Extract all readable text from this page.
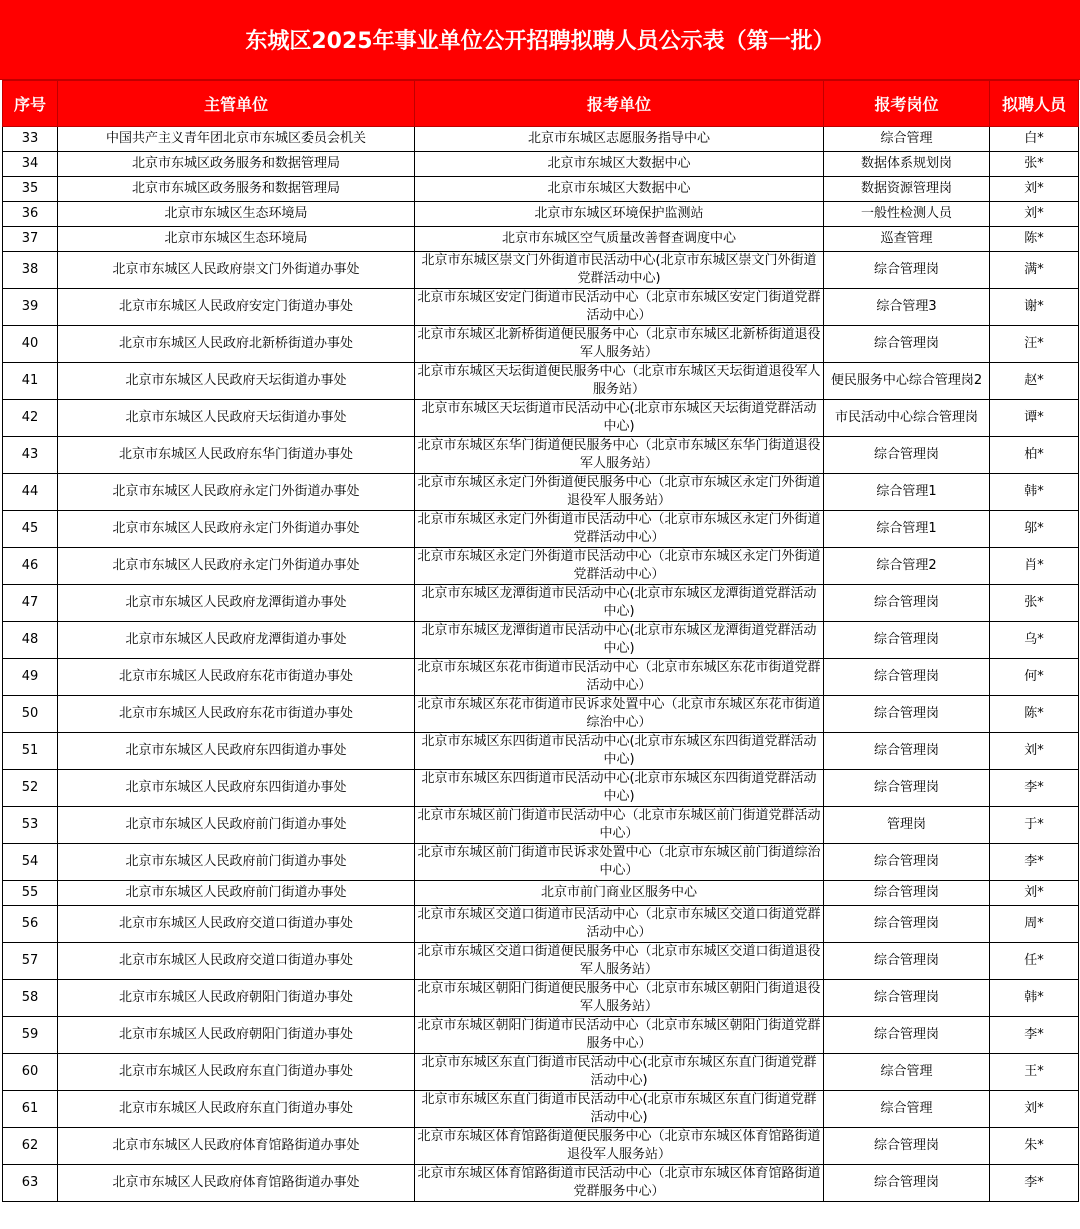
东城区2025年事业单位公开招聘拟聘人员公示表（第一批）
序号	主管单位	报考单位	报考岗位	拟聘人员
33	中国共产主义青年团北京市东城区委员会机关	北京市东城区志愿服务指导中心	综合管理	白*
34	北京市东城区政务服务和数据管理局	北京市东城区大数据中心	数据体系规划岗	张*
35	北京市东城区政务服务和数据管理局	北京市东城区大数据中心	数据资源管理岗	刘*
36	北京市东城区生态环境局	北京市东城区环境保护监测站	一般性检测人员	刘*
37	北京市东城区生态环境局	北京市东城区空气质量改善督查调度中心	巡查管理	陈*
38	北京市东城区人民政府崇文门外街道办事处	北京市东城区崇文门外街道市民活动中心(北京市东城区崇文门外街道党群活动中心)	综合管理岗	满*
39	北京市东城区人民政府安定门街道办事处	北京市东城区安定门街道市民活动中心（北京市东城区安定门街道党群活动中心）	综合管理3	谢*
40	北京市东城区人民政府北新桥街道办事处	北京市东城区北新桥街道便民服务中心（北京市东城区北新桥街道退役军人服务站）	综合管理岗	汪*
41	北京市东城区人民政府天坛街道办事处	北京市东城区天坛街道便民服务中心（北京市东城区天坛街道退役军人服务站）	便民服务中心综合管理岗2	赵*
42	北京市东城区人民政府天坛街道办事处	北京市东城区天坛街道市民活动中心(北京市东城区天坛街道党群活动中心)	市民活动中心综合管理岗	谭*
43	北京市东城区人民政府东华门街道办事处	北京市东城区东华门街道便民服务中心（北京市东城区东华门街道退役军人服务站）	综合管理岗	柏*
44	北京市东城区人民政府永定门外街道办事处	北京市东城区永定门外街道便民服务中心（北京市东城区永定门外街道退役军人服务站）	综合管理1	韩*
45	北京市东城区人民政府永定门外街道办事处	北京市东城区永定门外街道市民活动中心（北京市东城区永定门外街道党群活动中心）	综合管理1	邬*
46	北京市东城区人民政府永定门外街道办事处	北京市东城区永定门外街道市民活动中心（北京市东城区永定门外街道党群活动中心）	综合管理2	肖*
47	北京市东城区人民政府龙潭街道办事处	北京市东城区龙潭街道市民活动中心(北京市东城区龙潭街道党群活动中心)	综合管理岗	张*
48	北京市东城区人民政府龙潭街道办事处	北京市东城区龙潭街道市民活动中心(北京市东城区龙潭街道党群活动中心)	综合管理岗	乌*
49	北京市东城区人民政府东花市街道办事处	北京市东城区东花市街道市民活动中心（北京市东城区东花市街道党群活动中心）	综合管理岗	何*
50	北京市东城区人民政府东花市街道办事处	北京市东城区东花市街道市民诉求处置中心（北京市东城区东花市街道综治中心）	综合管理岗	陈*
51	北京市东城区人民政府东四街道办事处	北京市东城区东四街道市民活动中心(北京市东城区东四街道党群活动中心)	综合管理岗	刘*
52	北京市东城区人民政府东四街道办事处	北京市东城区东四街道市民活动中心(北京市东城区东四街道党群活动中心)	综合管理岗	李*
53	北京市东城区人民政府前门街道办事处	北京市东城区前门街道市民活动中心（北京市东城区前门街道党群活动中心）	管理岗	于*
54	北京市东城区人民政府前门街道办事处	北京市东城区前门街道市民诉求处置中心（北京市东城区前门街道综治中心）	综合管理岗	李*
55	北京市东城区人民政府前门街道办事处	北京市前门商业区服务中心	综合管理岗	刘*
56	北京市东城区人民政府交道口街道办事处	北京市东城区交道口街道市民活动中心（北京市东城区交道口街道党群活动中心）	综合管理岗	周*
57	北京市东城区人民政府交道口街道办事处	北京市东城区交道口街道便民服务中心（北京市东城区交道口街道退役军人服务站）	综合管理岗	任*
58	北京市东城区人民政府朝阳门街道办事处	北京市东城区朝阳门街道便民服务中心（北京市东城区朝阳门街道退役军人服务站）	综合管理岗	韩*
59	北京市东城区人民政府朝阳门街道办事处	北京市东城区朝阳门街道市民活动中心（北京市东城区朝阳门街道党群服务中心）	综合管理岗	李*
60	北京市东城区人民政府东直门街道办事处	北京市东城区东直门街道市民活动中心(北京市东城区东直门街道党群活动中心)	综合管理	王*
61	北京市东城区人民政府东直门街道办事处	北京市东城区东直门街道市民活动中心(北京市东城区东直门街道党群活动中心)	综合管理	刘*
62	北京市东城区人民政府体育馆路街道办事处	北京市东城区体育馆路街道便民服务中心（北京市东城区体育馆路街道退役军人服务站）	综合管理岗	朱*
63	北京市东城区人民政府体育馆路街道办事处	北京市东城区体育馆路街道市民活动中心（北京市东城区体育馆路街道党群服务中心）	综合管理岗	李*
